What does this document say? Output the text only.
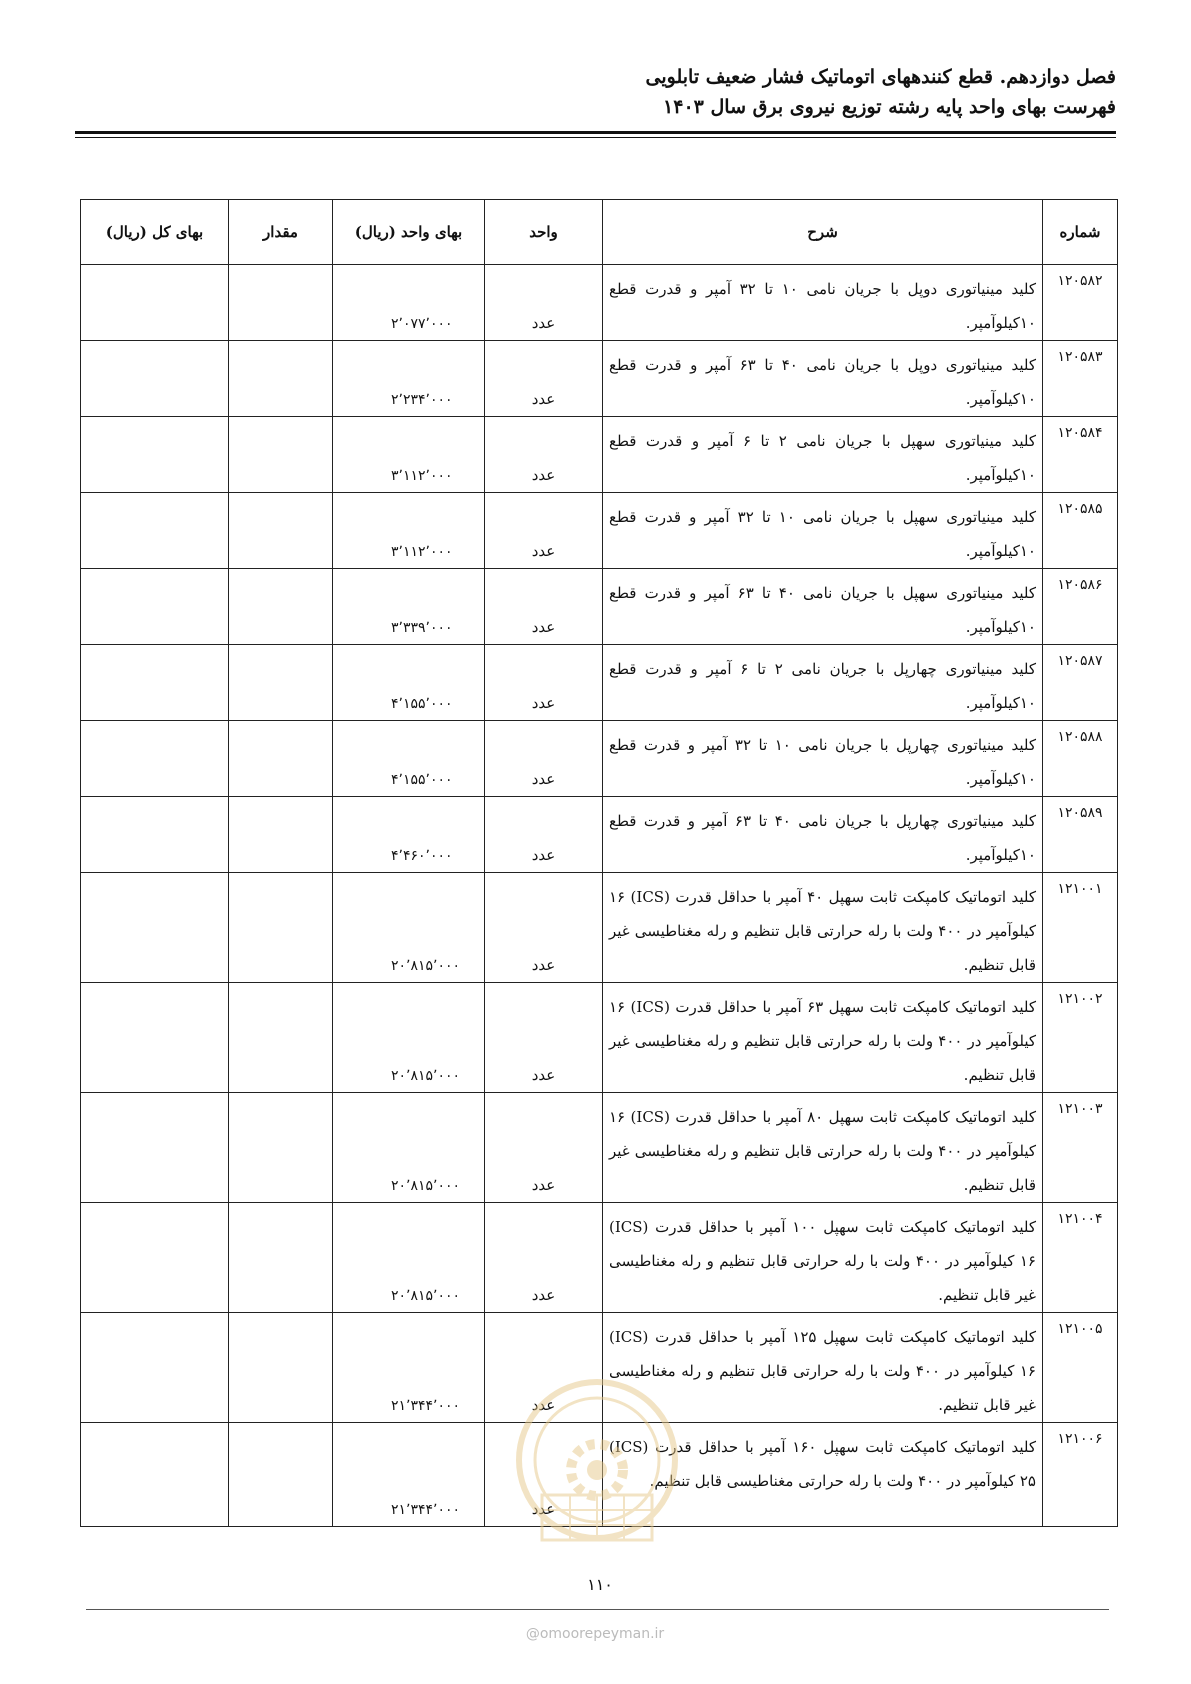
فصل دوازدهم. قطع کنندههای اتوماتیک فشار ضعیف تابلویی
فهرست بهای واحد پایه رشته توزیع نیروی برق سال ۱۴۰۳
شماره	شرح	واحد	بهای واحد (ریال)	مقدار	بهای کل (ریال)
۱۲۰۵۸۲	کلید مینیاتوری دوپل با جریان نامی ۱۰ تا ۳۲ آمپر و قدرت قطع ۱۰کیلوآمپر.	عدد	۲٬۰۷۷٬۰۰۰		
۱۲۰۵۸۳	کلید مینیاتوری دوپل با جریان نامی ۴۰ تا ۶۳ آمپر و قدرت قطع ۱۰کیلوآمپر.	عدد	۲٬۲۳۴٬۰۰۰		
۱۲۰۵۸۴	کلید مینیاتوری سهپل با جریان نامی ۲ تا ۶ آمپر و قدرت قطع ۱۰کیلوآمپر.	عدد	۳٬۱۱۲٬۰۰۰		
۱۲۰۵۸۵	کلید مینیاتوری سهپل با جریان نامی ۱۰ تا ۳۲ آمپر و قدرت قطع ۱۰کیلوآمپر.	عدد	۳٬۱۱۲٬۰۰۰		
۱۲۰۵۸۶	کلید مینیاتوری سهپل با جریان نامی ۴۰ تا ۶۳ آمپر و قدرت قطع ۱۰کیلوآمپر.	عدد	۳٬۳۳۹٬۰۰۰		
۱۲۰۵۸۷	کلید مینیاتوری چهارپل با جریان نامی ۲ تا ۶ آمپر و قدرت قطع ۱۰کیلوآمپر.	عدد	۴٬۱۵۵٬۰۰۰		
۱۲۰۵۸۸	کلید مینیاتوری چهارپل با جریان نامی ۱۰ تا ۳۲ آمپر و قدرت قطع ۱۰کیلوآمپر.	عدد	۴٬۱۵۵٬۰۰۰		
۱۲۰۵۸۹	کلید مینیاتوری چهارپل با جریان نامی ۴۰ تا ۶۳ آمپر و قدرت قطع ۱۰کیلوآمپر.	عدد	۴٬۴۶۰٬۰۰۰		
۱۲۱۰۰۱	کلید اتوماتیک کامپکت ثابت سهپل ۴۰ آمپر با حداقل قدرت (ICS) ۱۶ کیلوآمپر در ۴۰۰ ولت با رله حرارتی قابل تنظیم و رله مغناطیسی غیر قابل تنظیم.	عدد	۲۰٬۸۱۵٬۰۰۰		
۱۲۱۰۰۲	کلید اتوماتیک کامپکت ثابت سهپل ۶۳ آمپر با حداقل قدرت (ICS) ۱۶ کیلوآمپر در ۴۰۰ ولت با رله حرارتی قابل تنظیم و رله مغناطیسی غیر قابل تنظیم.	عدد	۲۰٬۸۱۵٬۰۰۰		
۱۲۱۰۰۳	کلید اتوماتیک کامپکت ثابت سهپل ۸۰ آمپر با حداقل قدرت (ICS) ۱۶ کیلوآمپر در ۴۰۰ ولت با رله حرارتی قابل تنظیم و رله مغناطیسی غیر قابل تنظیم.	عدد	۲۰٬۸۱۵٬۰۰۰		
۱۲۱۰۰۴	کلید اتوماتیک کامپکت ثابت سهپل ۱۰۰ آمپر با حداقل قدرت (ICS) ۱۶ کیلوآمپر در ۴۰۰ ولت با رله حرارتی قابل تنظیم و رله مغناطیسی غیر قابل تنظیم.	عدد	۲۰٬۸۱۵٬۰۰۰		
۱۲۱۰۰۵	کلید اتوماتیک کامپکت ثابت سهپل ۱۲۵ آمپر با حداقل قدرت (ICS) ۱۶ کیلوآمپر در ۴۰۰ ولت با رله حرارتی قابل تنظیم و رله مغناطیسی غیر قابل تنظیم.	عدد	۲۱٬۳۴۴٬۰۰۰		
۱۲۱۰۰۶	کلید اتوماتیک کامپکت ثابت سهپل ۱۶۰ آمپر با حداقل قدرت (ICS) ۲۵ کیلوآمپر در ۴۰۰ ولت با رله حرارتی مغناطیسی قابل تنظیم.	عدد	۲۱٬۳۴۴٬۰۰۰		
۱۱۰
@omoorepeyman.ir
